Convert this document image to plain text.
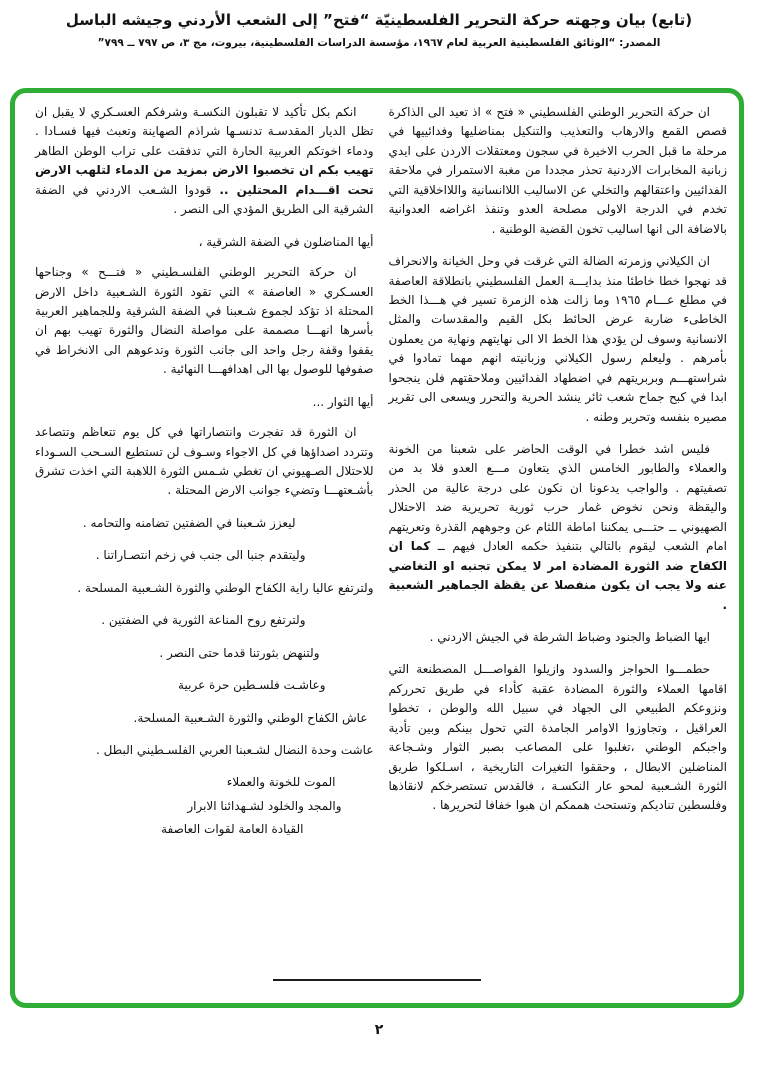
(تابع) بيان وجهته حركة التحرير الفلسطينيّة “فتح” إلى الشعب الأردني وجيشه الباسل
المصدر: “الوثائق الفلسطينية العربية لعام ١٩٦٧، مؤسسة الدراسات الفلسطينية، بيروت، مج ٣، ص ٧٩٧ ــ ٧٩٩”

ان حركة التحرير الوطني الفلسطيني « فتح » اذ تعيد الى الذاكرة قصص القمع والارهاب والتعذيب والتنكيل بمناضليها وفدائييها في مرحلة ما قبل الحرب الاخيرة في سجون ومعتقلات الاردن على ايدي زبانية المخابرات الاردنية تحذر مجددا من مغبة الاستمرار في ملاحقة الفدائيين واعتقالهم والتخلي عن الاساليب اللاانسانية واللااخلاقية التي تخدم في الدرجة الاولى مصلحة العدو وتنفذ اغراضه العدوانية بالاضافة الى انها اساليب تخون القضية الوطنية .

ان الكيلاني وزمرته الضالة التي غرقت في وحل الخيانة والانحراف قد نهجوا خطا خاطئا منذ بدايـــة العمل الفلسطيني بانطلاقة العاصفة في مطلع عـــام ١٩٦٥ وما زالت هذه الزمرة تسير في هـــذا الخط الخاطىء ضاربة عرض الحائط بكل القيم والمقدسات والمثل الانسانية وسوف لن يؤدي هذا الخط الا الى نهايتهم ونهاية من يعملون بأمرهم . وليعلم رسول الكيلاني وزبانيته انهم مهما تمادوا في شراستهـــم وبربريتهم في اضطهاد الفدائيين وملاحقتهم فلن ينجحوا ابدا في كبح جماح شعب ثائر ينشد الحرية والتحرر ويسعى الى تقرير مصيره بنفسه وتحرير وطنه .

فليس اشد خطرا في الوقت الحاضر على شعبنا من الخونة والعملاء والطابور الخامس الذي يتعاون مـــع العدو فلا بد من تصفيتهم . والواجب يدعونا ان نكون على درجة عالية من الحذر واليقظة ونحن نخوض غمار حرب ثورية تحريرية ضد الاحتلال الصهيوني ــ حتـــى يمكننا اماطة اللثام عن وجوههم القذرة وتعريتهم امام الشعب ليقوم بالتالي بتنفيذ حكمه العادل فيهم ــ كما ان الكفاح ضد الثورة المضادة امر لا يمكن تجنبه او التغاضي عنه ولا يجب ان يكون منفصلا عن يقظة الجماهير الشعبية .

ايها الضباط والجنود وضباط الشرطة في الجيش الاردني .

حطمـــوا الحواجز والسدود وازيلوا الفواصـــل المصطنعة التي اقامها العملاء والثورة المضادة عقبة كأداء في طريق تحرركم ونزوعكم الطبيعي الى الجهاد في سبيل الله والوطن ، تخطوا العراقيل ، وتجاوزوا الاوامر الجامدة التي تحول بينكم وبين تأدية واجبكم الوطني ،تغلبوا على المصاعب بصبر الثوار وشـجاعة المناضلين الابطال ، وحققوا التغيرات التاريخية ، اسـلكوا طريق الثورة الشـعبية لمحو عار النكسـة ، فالقدس تستصرخكم لانقاذها وفلسطين تناديكم وتستحث هممكم ان هبوا خفافا لتحريرها .

انكم بكل تأكيد لا تقبلون النكسـة وشرفكم العسـكري لا يقبل ان تظل الديار المقدسـة تدنسـها شراذم الصهاينة وتعبث فيها فسـادا . ودماء اخوتكم العربية الحارة التي تدفقت على تراب الوطن الطاهر تهيب بكم ان تخصبوا الارض بمزيد من الدماء لتلهب الارض تحت اقـــدام المحتلين .. قودوا الشـعب الاردني في الضفة الشرقية الى الطريق المؤدي الى النصر .

أيها المناضلون في الضفة الشرقية ،

ان حركة التحرير الوطني الفلسـطيني « فتـــح » وجناحها العسـكري « العاصفة » التي تقود الثورة الشـعبية داخل الارض المحتلة اذ تؤكد لجموع شـعبنا في الضفة الشرقية وللجماهير العربية بأسرها انهـــا مصممة على مواصلة النضال والثورة تهيب بهم ان يقفوا وقفة رجل واحد الى جانب الثورة وتدعوهم الى الانخراط في صفوفها للوصول بها الى اهدافهـــا النهائية .

أيها الثوار ...

ان الثورة قد تفجرت وانتصاراتها في كل يوم تتعاظم وتتصاعد وتتردد اصداؤها في كل الاجواء وسـوف لن تستطيع السـحب السـوداء للاحتلال الصـهيوني ان تغطي شـمس الثورة اللاهبة التي اخذت تشرق بأشـعتهـــا وتضيء جوانب الارض المحتلة .

ليعزز شـعبنا في الضفتين تضامنه والتحامه .

وليتقدم جنبا الى جنب في زخم انتصـاراتنا .

ولترتفع عاليا راية الكفاح الوطني والثورة الشـعبية المسلحة .

ولترتفع روح المناعة الثورية في الضفتين .

ولتنهض بثورتنا قدما حتى النصر .

وعاشـت فلسـطين حرة عربية

عاش الكفاح الوطني والثورة الشـعبية المسلحة.

عاشت وحدة النضال لشـعبنا العربي الفلسـطيني البطل .

الموت للخونة والعملاء

والمجد والخلود لشـهدائنا الابرار

القيادة العامة لقوات العاصفة

٢
